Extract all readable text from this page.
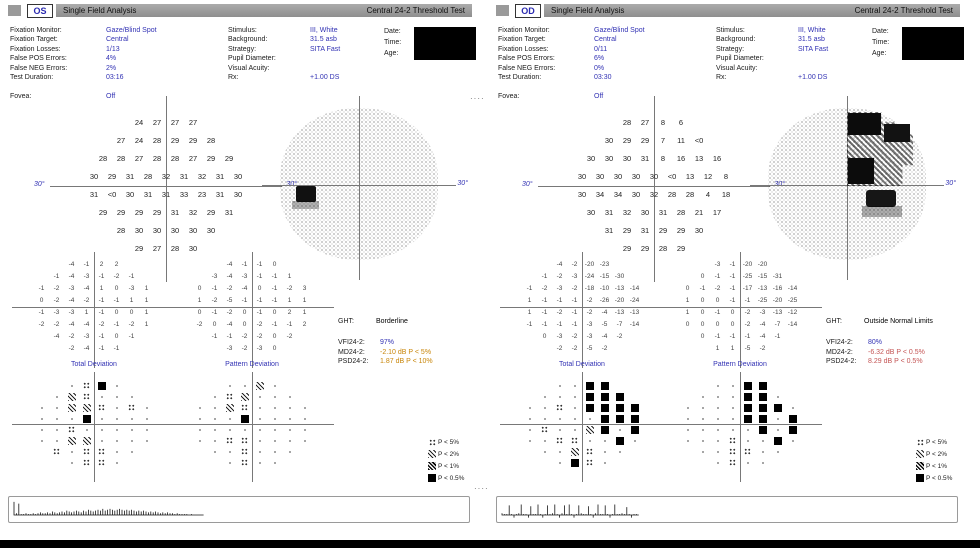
OS	Single Field Analysis	Central 24-2 Threshold Test
Fixation Monitor:	Gaze/Blind Spot
Fixation Target:	Central
Fixation Losses:	1/13
False POS Errors:	4%
False NEG Errors:	2%
Test Duration:	03:16
Fovea:	Off
Stimulus:	III, White
Background:	31.5 asb
Strategy:	SITA Fast
Pupil Diameter:
Visual Acuity:
Rx:	+1.00 DS
Date:
Time:
Age:
30°
24	27	27	27
27	24	28	29	29	28
28	28	27	28	28	27	29	29
30	29	31	28	32	31	32	31	30
31	<0	30	31	31	33	23	31	30
29	29	29	29	31	32	29	31
28	30	30	30	30	30
29	27	28	30
30°
-4	-1	2	2
-1	-4	-3	-1	-2	-1
-1	-2	-3	-4	1	0	-3	1
0	-2	-4	-2	-1	-1	1	1
-1	-3	-3	1	-1	0	0	1
-2	-2	-4	-4	-2	-1	-2	1
-4	-2	-3	-1	0	-1
-2	-4	-1	-1
-4	-1	-1	0
-3	-4	-3	-1	-1	1
0	-1	-2	-4	0	-1	-2	3
1	-2	-5	-1	-1	-1	1	1
0	-1	-2	0	-1	0	2	1
-2	0	-4	0	-2	-1	-1	2
-1	-1	-2	-2	0	-2
-3	-2	-3	0
Total Deviation	Pattern Deviation
GHT:	Borderline
VFI24-2:	97%
MD24-2:	-2.10 dB P < 5%
PSD24-2:	1.87 dB P < 10%
P < 5%
P < 2%
P < 1%
P < 0.5%
OD	Single Field Analysis	Central 24-2 Threshold Test
Fixation Monitor:	Gaze/Blind Spot
Fixation Target:	Central
Fixation Losses:	0/11
False POS Errors:	6%
False NEG Errors:	0%
Test Duration:	03:30
Fovea:	Off
Stimulus:	III, White
Background:	31.5 asb
Strategy:	SITA Fast
Pupil Diameter:
Visual Acuity:
Rx:	+1.00 DS
Date:
Time:
Age:
30°
28	27	8	6
30	29	29	7	11	<0
30	30	30	31	8	16	13	16
30	30	30	30	30	<0	13	12	8
30	34	34	30	32	28	28	4	18
30	31	32	30	31	28	21	17
31	29	31	29	29	30
29	29	28	29
30°
-4	-2	-20 -23
-1	-2	-3	-24 -15 -30
-1	-2	-3	-2	-18 -10 -13 -14
1	-1	-1	-1	-2	-26 -20 -24
1	-1	-2	-1	-2	-4	-13 -13
-1	-1	-1	-1	-3	-5	-7	-14
0	-3	-2	-3	-4	-2
-2	-2	-5	-2
-3	-1	-20 -20
0	-1	-1	-25 -15 -31
0	-1	-2	-1	-17 -13 -16 -14
1	0	0	-1	-1	-25 -20 -25
1	0	-1	0	-2	-3	-13 -12
0	0	0	0	-2	-4	-7	-14
0	-1	-1	-1	-4	-1
1	1	-5	-2
Total Deviation	Pattern Deviation
GHT:	Outside Normal Limits
VFI24-2:	80%
MD24-2:	-6.32 dB P < 0.5%
PSD24-2:	8.29 dB P < 0.5%
P < 5%
P < 2%
P < 1%
P < 0.5%
····
····
